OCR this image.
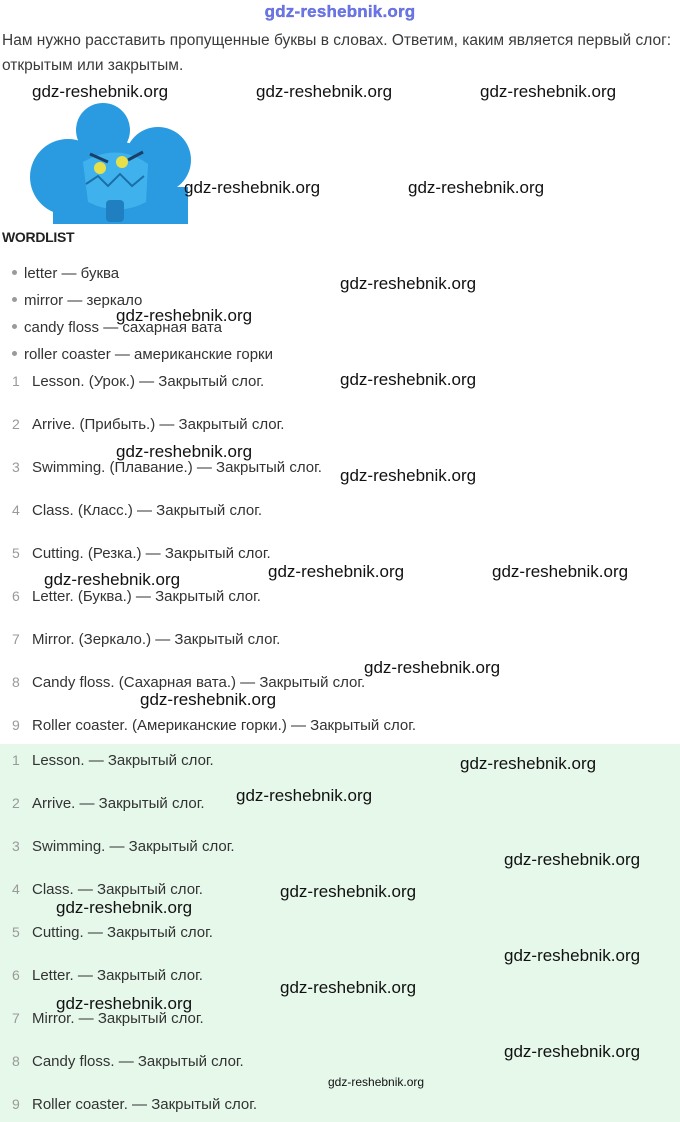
gdz-reshebnik.org
Нам нужно расставить пропущенные буквы в словах. Ответим, каким является первый слог: открытым или закрытым.
gdz-reshebnik.org	gdz-reshebnik.org	gdz-reshebnik.org
gdz-reshebnik.org	gdz-reshebnik.org
gdz-reshebnik.org
gdz-reshebnik.org
gdz-reshebnik.org
gdz-reshebnik.org
gdz-reshebnik.org
WORDLIST
letter — буква
mirror — зеркало
candy floss — сахарная вата
roller coaster — американские горки
1 Lesson. (Урок.) — Закрытый слог.
2 Arrive. (Прибыть.) — Закрытый слог.
3 Swimming. (Плавание.) — Закрытый слог.
4 Class. (Класс.) — Закрытый слог.
5 Cutting. (Резка.) — Закрытый слог.
6 Letter. (Буква.) — Закрытый слог.
7 Mirror. (Зеркало.) — Закрытый слог.
8 Candy floss. (Сахарная вата.) — Закрытый слог.
9 Roller coaster. (Американские горки.) — Закрытый слог.
gdz-reshebnik.org	gdz-reshebnik.org	gdz-reshebnik.org
gdz-reshebnik.org
gdz-reshebnik.org
1 Lesson. — Закрытый слог.
2 Arrive. — Закрытый слог.
3 Swimming. — Закрытый слог.
4 Class. — Закрытый слог.
5 Cutting. — Закрытый слог.
6 Letter. — Закрытый слог.
7 Mirror. — Закрытый слог.
8 Candy floss. — Закрытый слог.
9 Roller coaster. — Закрытый слог.
gdz-reshebnik.org
gdz-reshebnik.org
gdz-reshebnik.org
gdz-reshebnik.org
gdz-reshebnik.org
gdz-reshebnik.org
gdz-reshebnik.org
gdz-reshebnik.org
gdz-reshebnik.org
gdz-reshebnik.org
